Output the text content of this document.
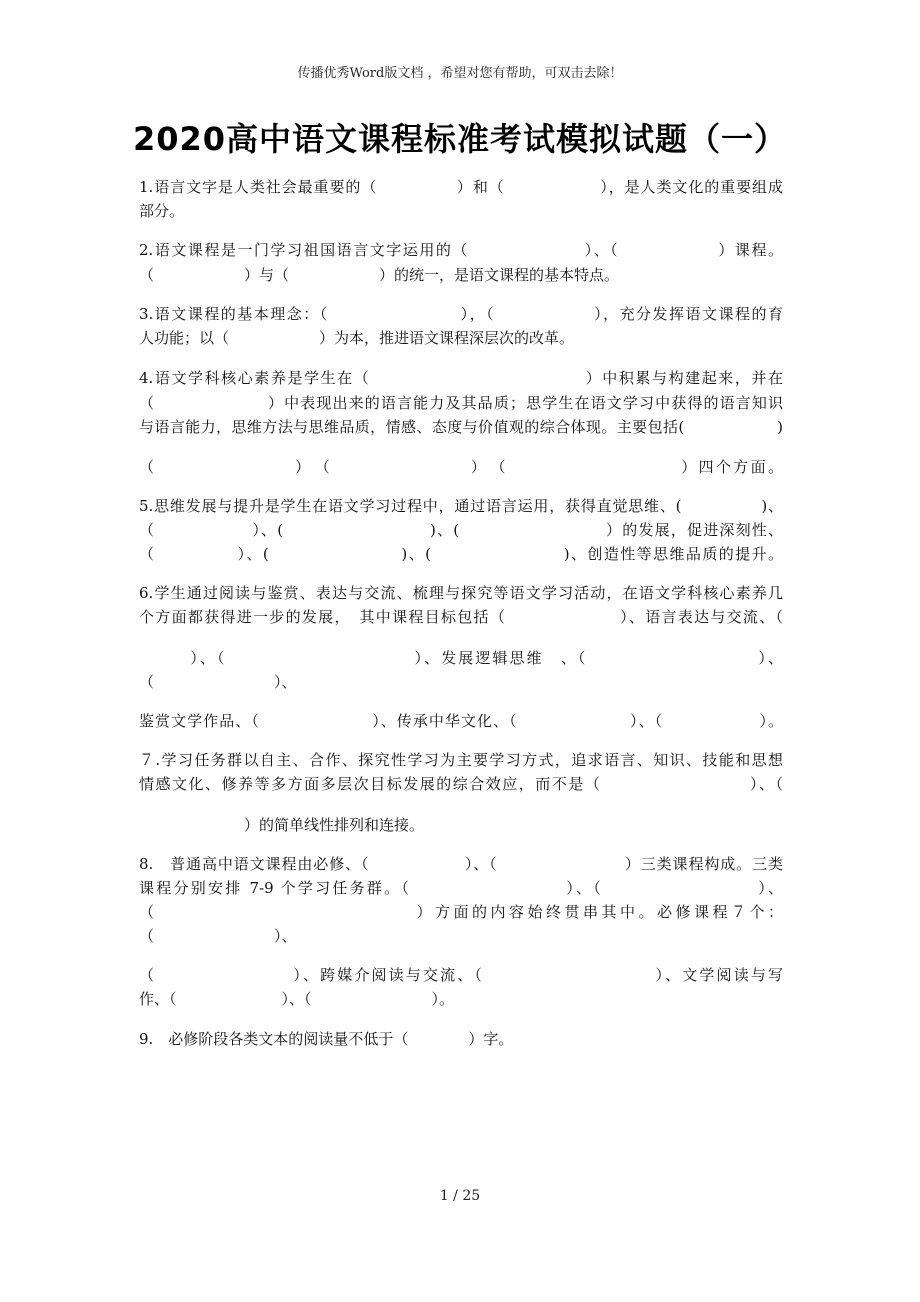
传播优秀Word版文档 ，希望对您有帮助，可双击去除！
2020高中语文课程标准考试模拟试题（一）
1.语言文字是人类社会最重要的（　　　　　）和（　　　　　　），是人类文化的重要组成
部分。
2.语文课程是一门学习祖国语言文字运用的（　　　　　　　）、（　　　　　　）课程。
（　　　　　　）与（　　　　　　）的统一，是语文课程的基本特点。
3.语文课程的基本理念：（　　　　　　　　），（　　　　　　），充分发挥语文课程的育
人功能；以（　　　　　　）为本，推进语文课程深层次的改革。
4.语文学科核心素养是学生在（　　　　　　　　　　　　　）中积累与构建起来，并在
（　　　　　　　）中表现出来的语言能力及其品质；思学生在语文学习中获得的语言知识
与语言能力，思维方法与思维品质，情感、态度与价值观的综合体现。主要包括(　　　　　　)
（　　　　　　　　）　（　　　　　　　　）　（　　　　　　　　　　）四个方面。
5.思维发展与提升是学生在语文学习过程中，通过语言运用，获得直觉思维、(　　　　　)、
（　　　　　　）、(　　　　　　　　　)、(　　　　　　　　　）的发展，促进深刻性、
（　　　　　）、(　　　　　　　　)、(　　　　　　　　)、创造性等思维品质的提升。
6.学生通过阅读与鉴赏、表达与交流、梳理与探究等语文学习活动，在语文学科核心素养几
个方面都获得进一步的发展，　其中课程目标包括（　　　　　　　）、语言表达与交流、（
　　　）、（　　　　　　　　　　　）、发展逻辑思维　、（　　　　　　　　　　）、
（　　　　　　　　）、
鉴赏文学作品、（　　　　　　　）、传承中华文化、（　　　　　　　）、（　　　　　　）。
７.学习任务群以自主、合作、探究性学习为主要学习方式，追求语言、知识、技能和思想
情感文化、修养等多方面多层次目标发展的综合效应，而不是（　　　　　　　　　）、（
　　　　　　　）的简单线性排列和连接。
8.　普通高中语文课程由必修、（　　　　　　）、（　　　　　　　　）三类课程构成。三类
课程分别安排 7-9 个学习任务群。（　　　　　　　　　）、（　　　　　　　　　）、
（　　　　　　　　　　　　　　）方面的内容始终贯串其中。必修课程７个：
（　　　　　　　　）、
（　　　　　　　　）、跨媒介阅读与交流、（　　　　　　　　　　）、文学阅读与写
作、（　　　　　　　）、（　　　　　　　　）。
9.　必修阶段各类文本的阅读量不低于（　　　　）字。
1 / 25
